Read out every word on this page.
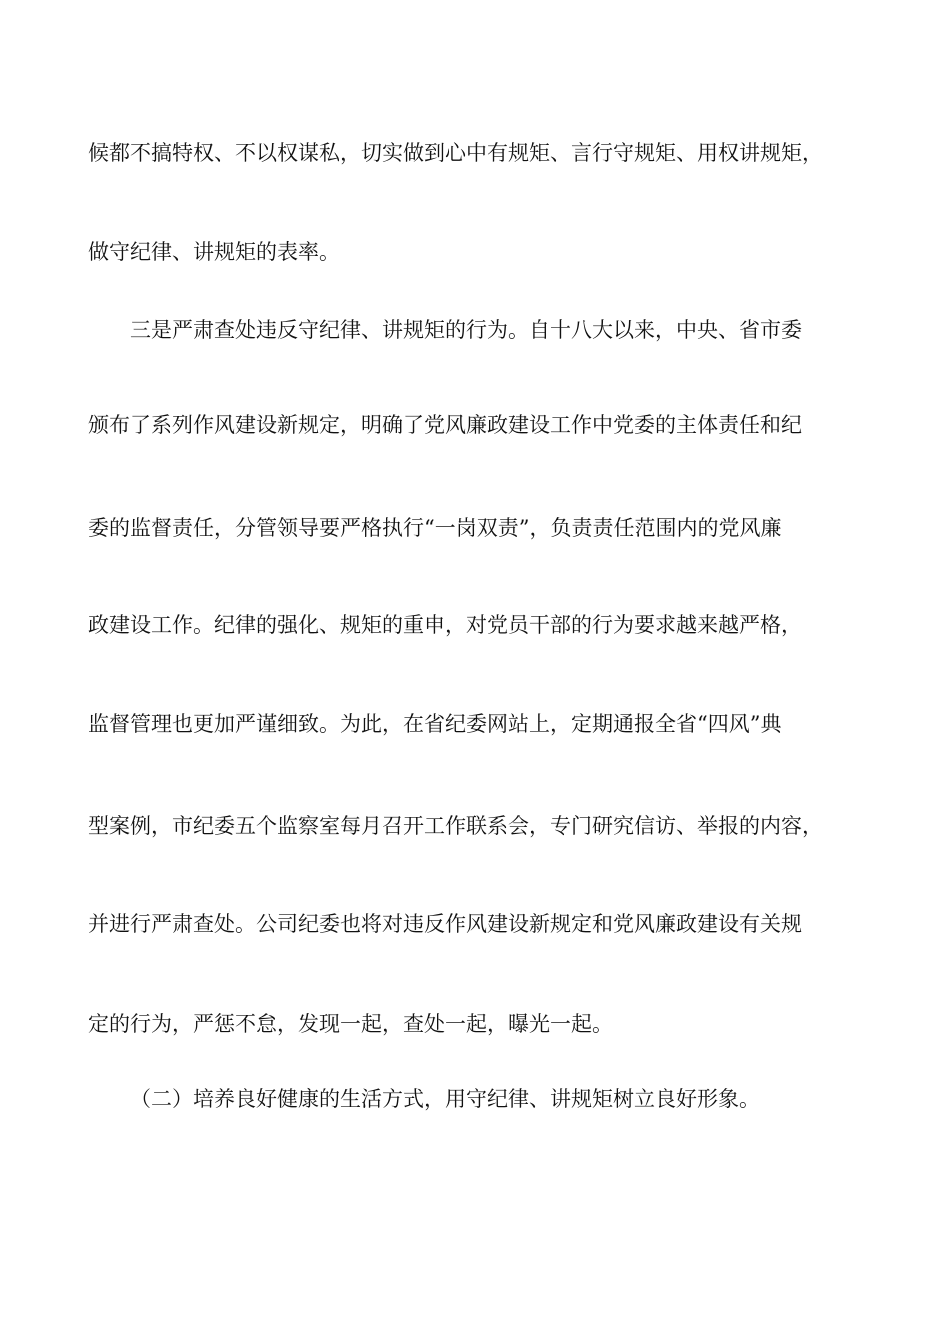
候都不搞特权、不以权谋私，切实做到心中有规矩、言行守规矩、用权讲规矩，
做守纪律、讲规矩的表率。
三是严肃查处违反守纪律、讲规矩的行为。自十八大以来，中央、省市委
颁布了系列作风建设新规定，明确了党风廉政建设工作中党委的主体责任和纪
委的监督责任，分管领导要严格执行“一岗双责”，负责责任范围内的党风廉
政建设工作。纪律的强化、规矩的重申，对党员干部的行为要求越来越严格，
监督管理也更加严谨细致。为此，在省纪委网站上，定期通报全省“四风”典
型案例，市纪委五个监察室每月召开工作联系会，专门研究信访、举报的内容，
并进行严肃查处。公司纪委也将对违反作风建设新规定和党风廉政建设有关规
定的行为，严惩不怠，发现一起，查处一起，曝光一起。
（二）培养良好健康的生活方式，用守纪律、讲规矩树立良好形象。
